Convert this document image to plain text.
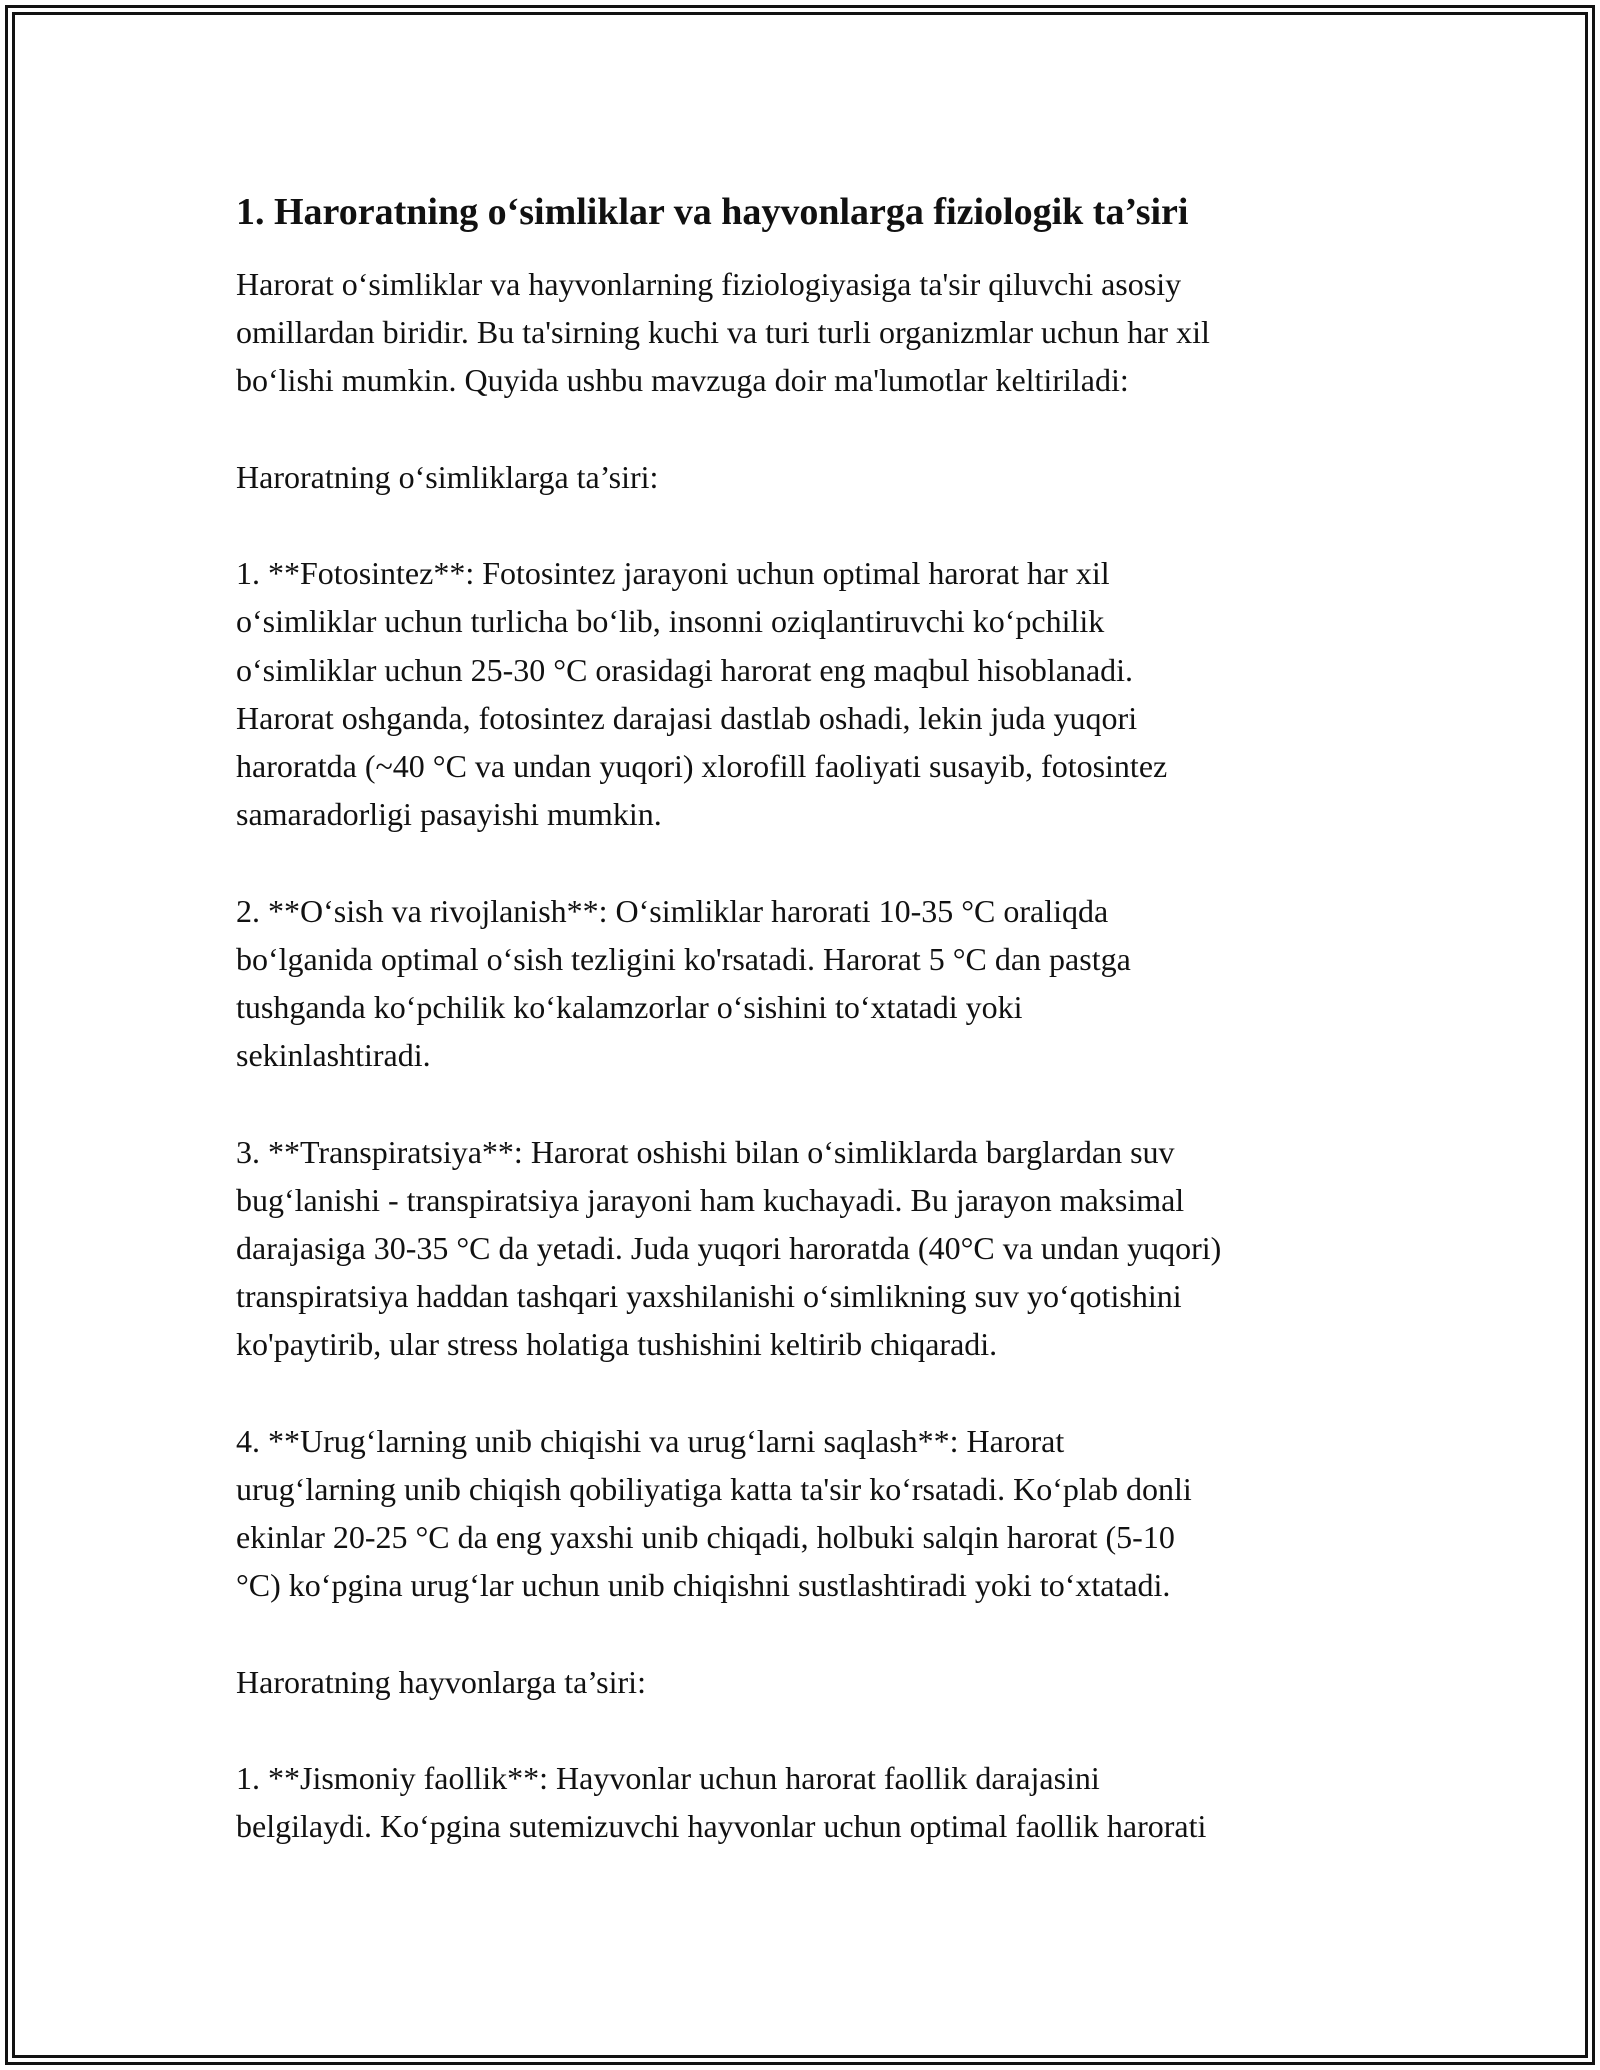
1. Haroratning o‘simliklar va hayvonlarga fiziologik ta’siri

Harorat o‘simliklar va hayvonlarning fiziologiyasiga ta'sir qiluvchi asosiy
omillardan biridir. Bu ta'sirning kuchi va turi turli organizmlar uchun har xil
bo‘lishi mumkin. Quyida ushbu mavzuga doir ma'lumotlar keltiriladi:

Haroratning o‘simliklarga ta’siri:

1. **Fotosintez**: Fotosintez jarayoni uchun optimal harorat har xil
o‘simliklar uchun turlicha bo‘lib, insonni oziqlantiruvchi ko‘pchilik
o‘simliklar uchun 25-30 °C orasidagi harorat eng maqbul hisoblanadi.
Harorat oshganda, fotosintez darajasi dastlab oshadi, lekin juda yuqori
haroratda (~40 °C va undan yuqori) xlorofill faoliyati susayib, fotosintez
samaradorligi pasayishi mumkin.

2. **O‘sish va rivojlanish**: O‘simliklar harorati 10-35 °C oraliqda
bo‘lganida optimal o‘sish tezligini ko'rsatadi. Harorat 5 °C dan pastga
tushganda ko‘pchilik ko‘kalamzorlar o‘sishini to‘xtatadi yoki
sekinlashtiradi.

3. **Transpiratsiya**: Harorat oshishi bilan o‘simliklarda barglardan suv
bug‘lanishi - transpiratsiya jarayoni ham kuchayadi. Bu jarayon maksimal
darajasiga 30-35 °C da yetadi. Juda yuqori haroratda (40°C va undan yuqori)
transpiratsiya haddan tashqari yaxshilanishi o‘simlikning suv yo‘qotishini
ko'paytirib, ular stress holatiga tushishini keltirib chiqaradi.

4. **Urug‘larning unib chiqishi va urug‘larni saqlash**: Harorat
urug‘larning unib chiqish qobiliyatiga katta ta'sir ko‘rsatadi. Ko‘plab donli
ekinlar 20-25 °C da eng yaxshi unib chiqadi, holbuki salqin harorat (5-10
°C) ko‘pgina urug‘lar uchun unib chiqishni sustlashtiradi yoki to‘xtatadi.

Haroratning hayvonlarga ta’siri:

1. **Jismoniy faollik**: Hayvonlar uchun harorat faollik darajasini
belgilaydi. Ko‘pgina sutemizuvchi hayvonlar uchun optimal faollik harorati
